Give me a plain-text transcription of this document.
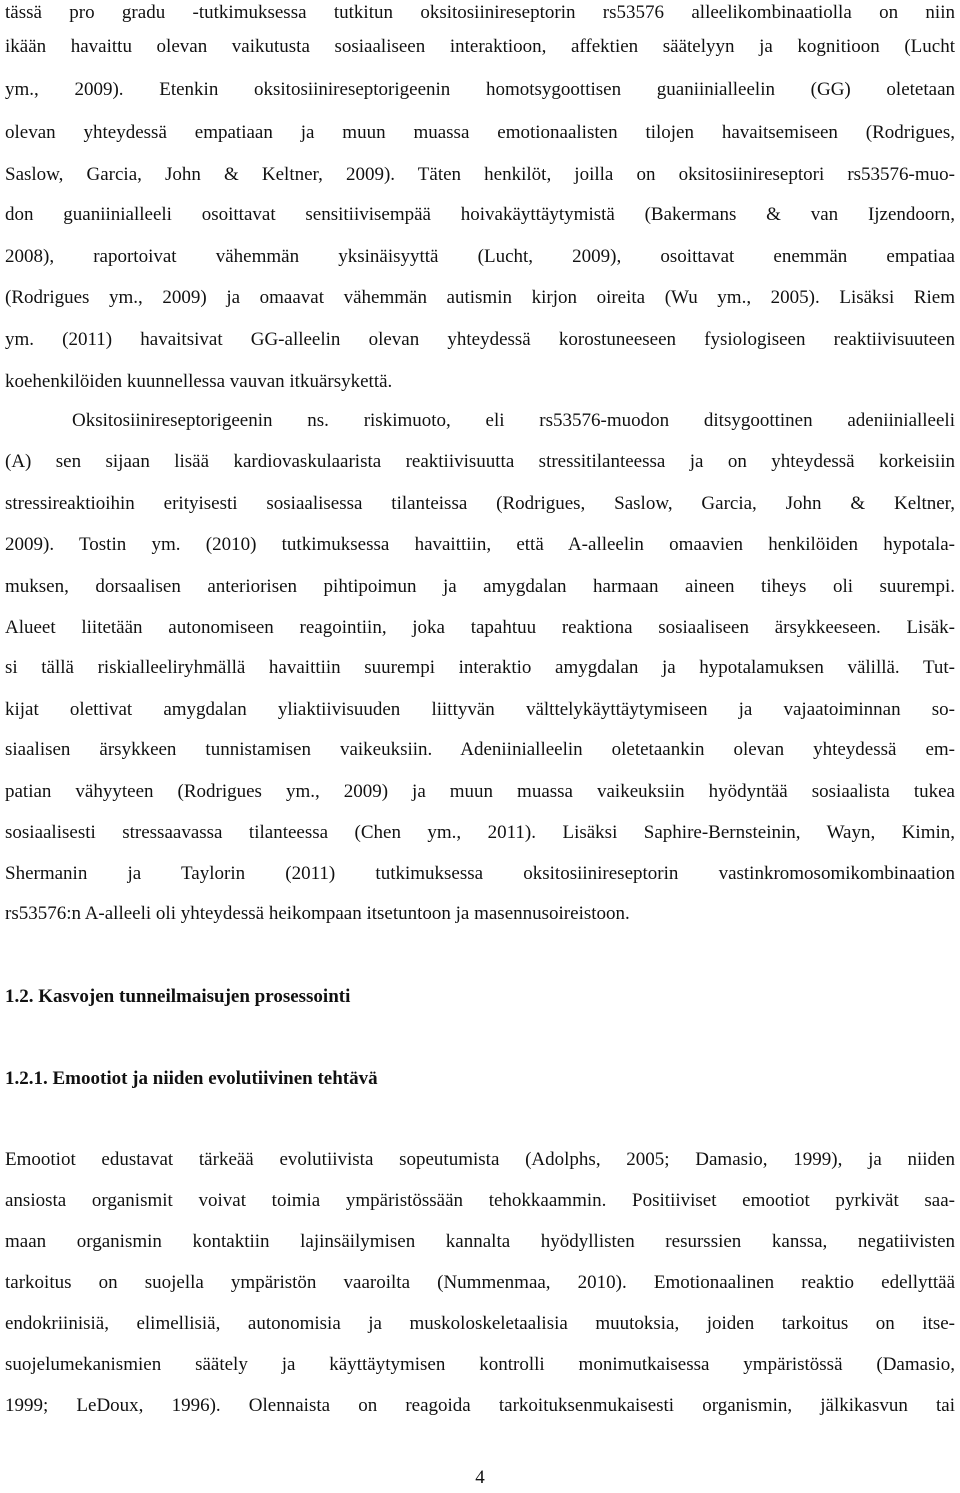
tässä pro gradu -tutkimuksessa tutkitun oksitosiinireseptorin rs53576 alleelikombinaatiolla on niin
ikään havaittu olevan vaikutusta sosiaaliseen interaktioon, affektien säätelyyn ja kognitioon (Lucht
ym., 2009). Etenkin oksitosiinireseptorigeenin homotsygoottisen guaniinialleelin (GG) oletetaan
olevan yhteydessä empatiaan ja muun muassa emotionaalisten tilojen havaitsemiseen (Rodrigues,
Saslow, Garcia, John & Keltner, 2009). Täten henkilöt, joilla on oksitosiinireseptori rs53576-muo-
don guaniinialleeli osoittavat sensitiivisempää hoivakäyttäytymistä (Bakermans & van Ijzendoorn,
2008), raportoivat vähemmän yksinäisyyttä (Lucht, 2009), osoittavat enemmän empatiaa
(Rodrigues ym., 2009) ja omaavat vähemmän autismin kirjon oireita (Wu ym., 2005). Lisäksi Riem
ym. (2011) havaitsivat GG-alleelin olevan yhteydessä korostuneeseen fysiologiseen reaktiivisuuteen
koehenkilöiden kuunnellessa vauvan itkuärsykettä.
Oksitosiinireseptorigeenin ns. riskimuoto, eli rs53576-muodon ditsygoottinen adeniinialleeli
(A) sen sijaan lisää kardiovaskulaarista reaktiivisuutta stressitilanteessa ja on yhteydessä korkeisiin
stressireaktioihin erityisesti sosiaalisessa tilanteissa (Rodrigues, Saslow, Garcia, John & Keltner,
2009). Tostin ym. (2010) tutkimuksessa havaittiin, että A-alleelin omaavien henkilöiden hypotala-
muksen, dorsaalisen anteriorisen pihtipoimun ja amygdalan harmaan aineen tiheys oli suurempi.
Alueet liitetään autonomiseen reagointiin, joka tapahtuu reaktiona sosiaaliseen ärsykkeeseen. Lisäk-
si tällä riskialleeliryhmällä havaittiin suurempi interaktio amygdalan ja hypotalamuksen välillä. Tut-
kijat olettivat amygdalan yliaktiivisuuden liittyvän välttelykäyttäytymiseen ja vajaatoiminnan so-
siaalisen ärsykkeen tunnistamisen vaikeuksiin. Adeniinialleelin oletetaankin olevan yhteydessä em-
patian vähyyteen (Rodrigues ym., 2009) ja muun muassa vaikeuksiin hyödyntää sosiaalista tukea
sosiaalisesti stressaavassa tilanteessa (Chen ym., 2011). Lisäksi Saphire-Bernsteinin, Wayn, Kimin,
Shermanin ja Taylorin (2011) tutkimuksessa oksitosiinireseptorin vastinkromosomikombinaation
rs53576:n A-alleeli oli yhteydessä heikompaan itsetuntoon ja masennusoireistoon.
1.2. Kasvojen tunneilmaisujen prosessointi
1.2.1. Emootiot ja niiden evolutiivinen tehtävä
Emootiot edustavat tärkeää evolutiivista sopeutumista (Adolphs, 2005; Damasio, 1999), ja niiden
ansiosta organismit voivat toimia ympäristössään tehokkaammin. Positiiviset emootiot pyrkivät saa-
maan organismin kontaktiin lajinsäilymisen kannalta hyödyllisten resurssien kanssa, negatiivisten
tarkoitus on suojella ympäristön vaaroilta (Nummenmaa, 2010). Emotionaalinen reaktio edellyttää
endokriinisiä, elimellisiä, autonomisia ja muskoloskeletaalisia muutoksia, joiden tarkoitus on itse-
suojelumekanismien säätely ja käyttäytymisen kontrolli monimutkaisessa ympäristössä (Damasio,
1999; LeDoux, 1996). Olennaista on reagoida tarkoituksenmukaisesti organismin, jälkikasvun tai
4
